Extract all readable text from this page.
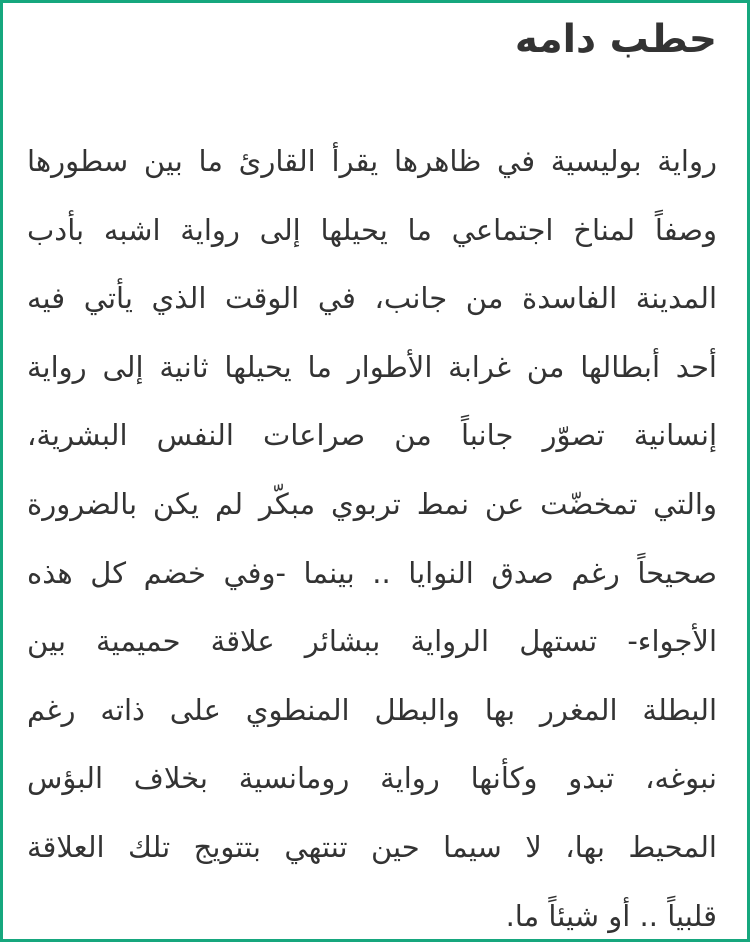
حطب دامه
رواية بوليسية في ظاهرها يقرأ القارئ ما بين سطورها
وصفاً لمناخ اجتماعي ما يحيلها إلى رواية اشبه بأدب
المدينة الفاسدة من جانب، في الوقت الذي يأتي فيه
أحد أبطالها من غرابة الأطوار ما يحيلها ثانية إلى رواية
إنسانية تصوّر جانباً من صراعات النفس البشرية،
والتي تمخضّت عن نمط تربوي مبكّر لم يكن بالضرورة
صحيحاً رغم صدق النوايا .. بينما -وفي خضم كل هذه
الأجواء- تستهل الرواية ببشائر علاقة حميمية بين
البطلة المغرر بها والبطل المنطوي على ذاته رغم
نبوغه، تبدو وكأنها رواية رومانسية بخلاف البؤس
المحيط بها، لا سيما حين تنتهي بتتويج تلك العلاقة
قلبياً .. أو شيئاً ما.
